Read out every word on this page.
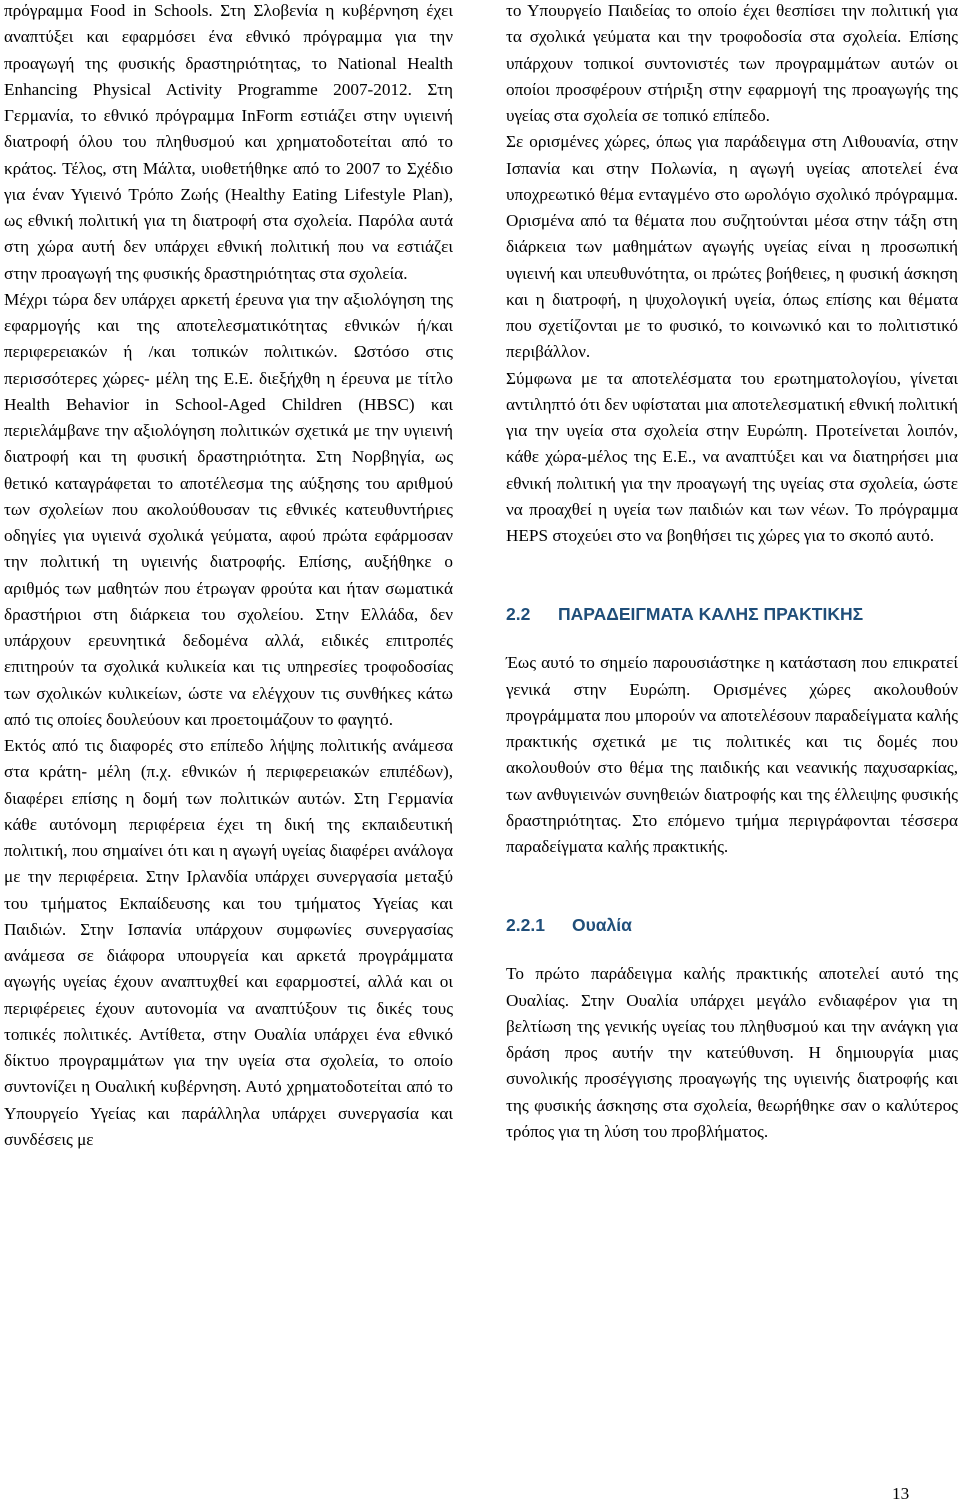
πρόγραμμα Food in Schools. Στη Σλοβενία η κυβέρνηση έχει αναπτύξει και εφαρμόσει ένα εθνικό πρόγραμμα για την προαγωγή της φυσικής δραστηριότητας, το National Health Enhancing Physical Activity Programme 2007-2012. Στη Γερμανία, το εθνικό πρόγραμμα InForm εστιάζει στην υγιεινή διατροφή όλου του πληθυσμού και χρηματοδοτείται από το κράτος. Τέλος, στη Μάλτα, υιοθετήθηκε από το 2007 το Σχέδιο για έναν Υγιεινό Τρόπο Ζωής (Healthy Eating Lifestyle Plan), ως εθνική πολιτική για τη διατροφή στα σχολεία. Παρόλα αυτά στη χώρα αυτή δεν υπάρχει εθνική πολιτική που να εστιάζει στην προαγωγή της φυσικής δραστηριότητας στα σχολεία.

Μέχρι τώρα δεν υπάρχει αρκετή έρευνα για την αξιολόγηση της εφαρμογής και της αποτελεσματικότητας εθνικών ή/και περιφερειακών ή /και τοπικών πολιτικών. Ωστόσο στις περισσότερες χώρες- μέλη της Ε.Ε. διεξήχθη η έρευνα με τίτλο Health Behavior in School-Aged Children (HBSC) και περιελάμβανε την αξιολόγηση πολιτικών σχετικά με την υγιεινή διατροφή και τη φυσική δραστηριότητα. Στη Νορβηγία, ως θετικό καταγράφεται το αποτέλεσμα της αύξησης του αριθμού των σχολείων που ακολούθουσαν τις εθνικές κατευθυντήριες οδηγίες για υγιεινά σχολικά γεύματα, αφού πρώτα εφάρμοσαν την πολιτική τη υγιεινής διατροφής. Επίσης, αυξήθηκε ο αριθμός των μαθητών που έτρωγαν φρούτα και ήταν σωματικά δραστήριοι στη διάρκεια του σχολείου. Στην Ελλάδα, δεν υπάρχουν ερευνητικά δεδομένα αλλά, ειδικές επιτροπές επιτηρούν τα σχολικά κυλικεία και τις υπηρεσίες τροφοδοσίας των σχολικών κυλικείων, ώστε να ελέγχουν τις συνθήκες κάτω από τις οποίες δουλεύουν και προετοιμάζουν το φαγητό.

Εκτός από τις διαφορές στο επίπεδο λήψης πολιτικής ανάμεσα στα κράτη- μέλη (π.χ. εθνικών ή περιφερειακών επιπέδων), διαφέρει επίσης η δομή των πολιτικών αυτών. Στη Γερμανία κάθε αυτόνομη περιφέρεια έχει τη δική της εκπαιδευτική πολιτική, που σημαίνει ότι και η αγωγή υγείας διαφέρει ανάλογα με την περιφέρεια. Στην Ιρλανδία υπάρχει συνεργασία μεταξύ του τμήματος Εκπαίδευσης και του τμήματος Υγείας και Παιδιών. Στην Ισπανία υπάρχουν συμφωνίες συνεργασίας ανάμεσα σε διάφορα υπουργεία και αρκετά προγράμματα αγωγής υγείας έχουν αναπτυχθεί και εφαρμοστεί, αλλά και οι περιφέρειες έχουν αυτονομία να αναπτύξουν τις δικές τους τοπικές πολιτικές. Αντίθετα, στην Ουαλία υπάρχει ένα εθνικό δίκτυο προγραμμάτων για την υγεία στα σχολεία, το οποίο συντονίζει η Ουαλική κυβέρνηση. Αυτό χρηματοδοτείται από το Υπουργείο Υγείας και παράλληλα υπάρχει συνεργασία και συνδέσεις με

το Υπουργείο Παιδείας το οποίο έχει θεσπίσει την πολιτική για τα σχολικά γεύματα και την τροφοδοσία στα σχολεία. Επίσης υπάρχουν τοπικοί συντονιστές των προγραμμάτων αυτών οι οποίοι προσφέρουν στήριξη στην εφαρμογή της προαγωγής της υγείας στα σχολεία σε τοπικό επίπεδο.

Σε ορισμένες χώρες, όπως για παράδειγμα στη Λιθουανία, στην Ισπανία και στην Πολωνία, η αγωγή υγείας αποτελεί ένα υποχρεωτικό θέμα ενταγμένο στο ωρολόγιο σχολικό πρόγραμμα. Ορισμένα από τα θέματα που συζητούνται μέσα στην τάξη στη διάρκεια των μαθημάτων αγωγής υγείας είναι η προσωπική υγιεινή και υπευθυνότητα, οι πρώτες βοήθειες, η φυσική άσκηση και η διατροφή, η ψυχολογική υγεία, όπως επίσης και θέματα που σχετίζονται με το φυσικό, το κοινωνικό και το πολιτιστικό περιβάλλον.

Σύμφωνα με τα αποτελέσματα του ερωτηματολογίου, γίνεται αντιληπτό ότι δεν υφίσταται μια αποτελεσματική εθνική πολιτική για την υγεία στα σχολεία στην Ευρώπη. Προτείνεται λοιπόν, κάθε χώρα-μέλος της Ε.Ε., να αναπτύξει και να διατηρήσει μια εθνική πολιτική για την προαγωγή της υγείας στα σχολεία, ώστε να προαχθεί η υγεία των παιδιών και των νέων. Το πρόγραμμα HEPS στοχεύει στο να βοηθήσει τις χώρες για το σκοπό αυτό.

2.2	ΠΑΡΑΔΕΙΓΜΑΤΑ ΚΑΛΗΣ ΠΡΑΚΤΙΚΗΣ

Έως αυτό το σημείο παρουσιάστηκε η κατάσταση που επικρατεί γενικά στην Ευρώπη. Ορισμένες χώρες ακολουθούν προγράμματα που μπορούν να αποτελέσουν παραδείγματα καλής πρακτικής σχετικά με τις πολιτικές και τις δομές που ακολουθούν στο θέμα της παιδικής και νεανικής παχυσαρκίας, των ανθυγιεινών συνηθειών διατροφής και της έλλειψης φυσικής δραστηριότητας. Στο επόμενο τμήμα περιγράφονται τέσσερα παραδείγματα καλής πρακτικής.

2.2.1	Ουαλία

Το πρώτο παράδειγμα καλής πρακτικής αποτελεί αυτό της Ουαλίας. Στην Ουαλία υπάρχει μεγάλο ενδιαφέρον για τη βελτίωση της γενικής υγείας του πληθυσμού και την ανάγκη για δράση προς αυτήν την κατεύθυνση. Η δημιουργία μιας συνολικής προσέγγισης προαγωγής της υγιεινής διατροφής και της φυσικής άσκησης στα σχολεία, θεωρήθηκε σαν ο καλύτερος τρόπος για τη λύση του προβλήματος.

13
